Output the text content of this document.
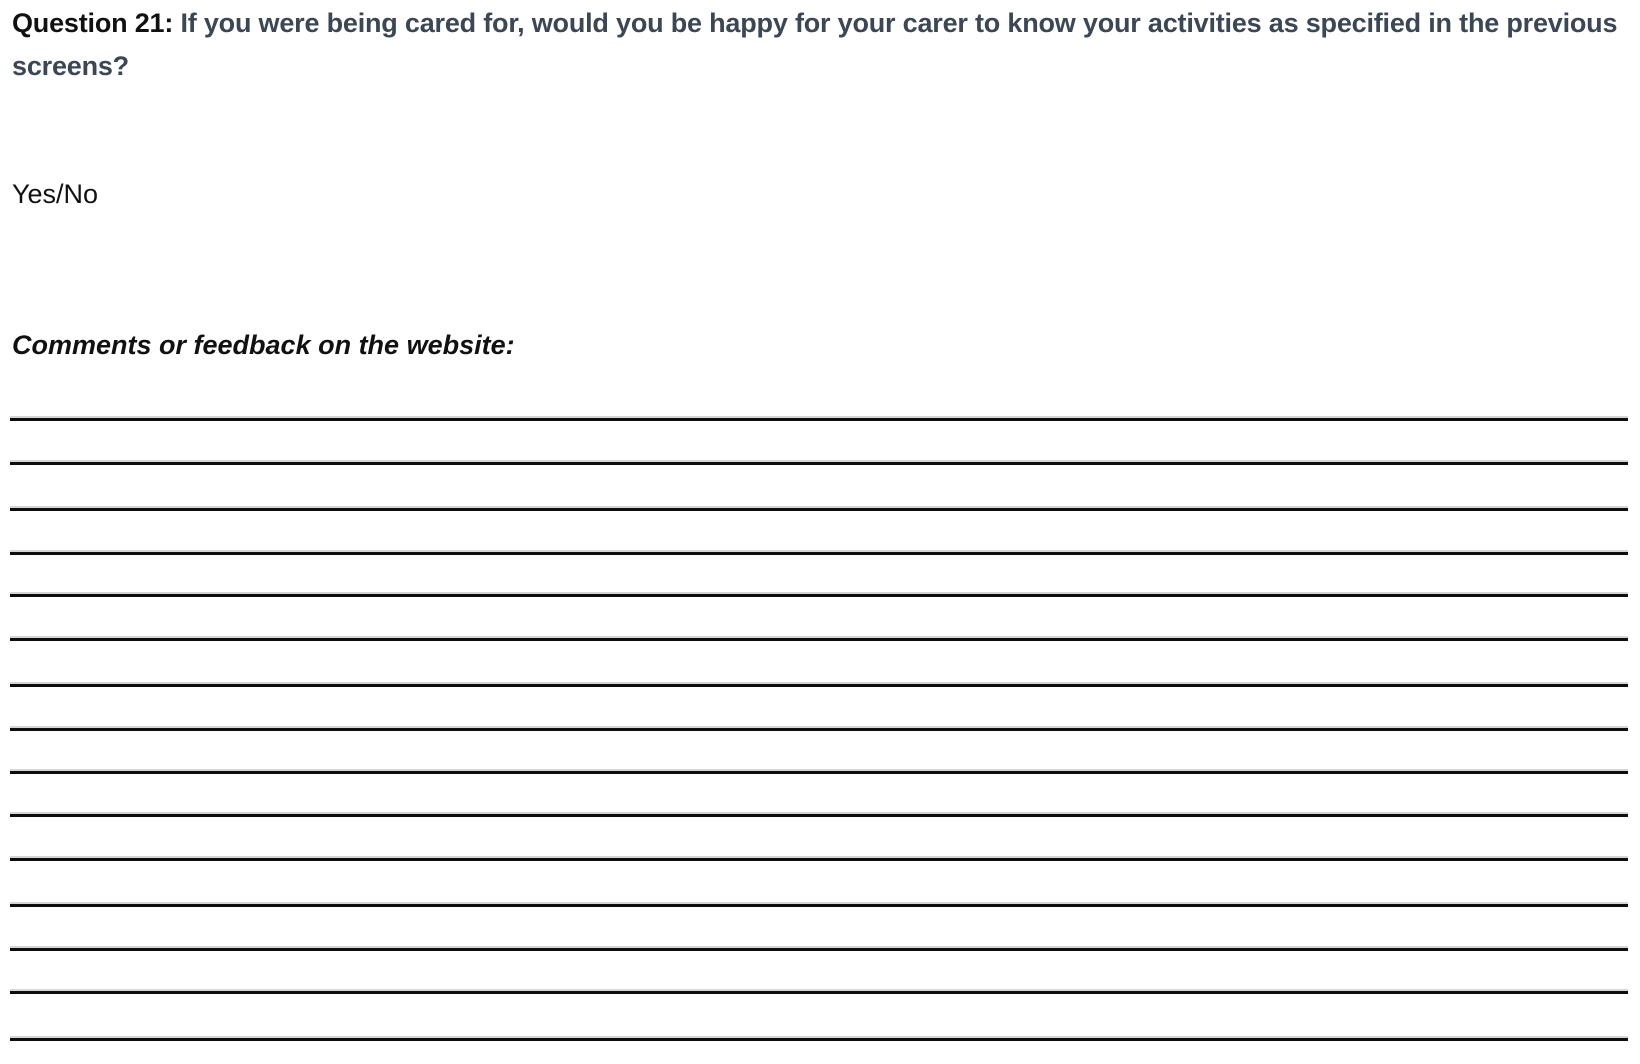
Question 21: If you were being cared for, would you be happy for your carer to know your activities as specified in the previous screens?
Yes/No
Comments or feedback on the website:
